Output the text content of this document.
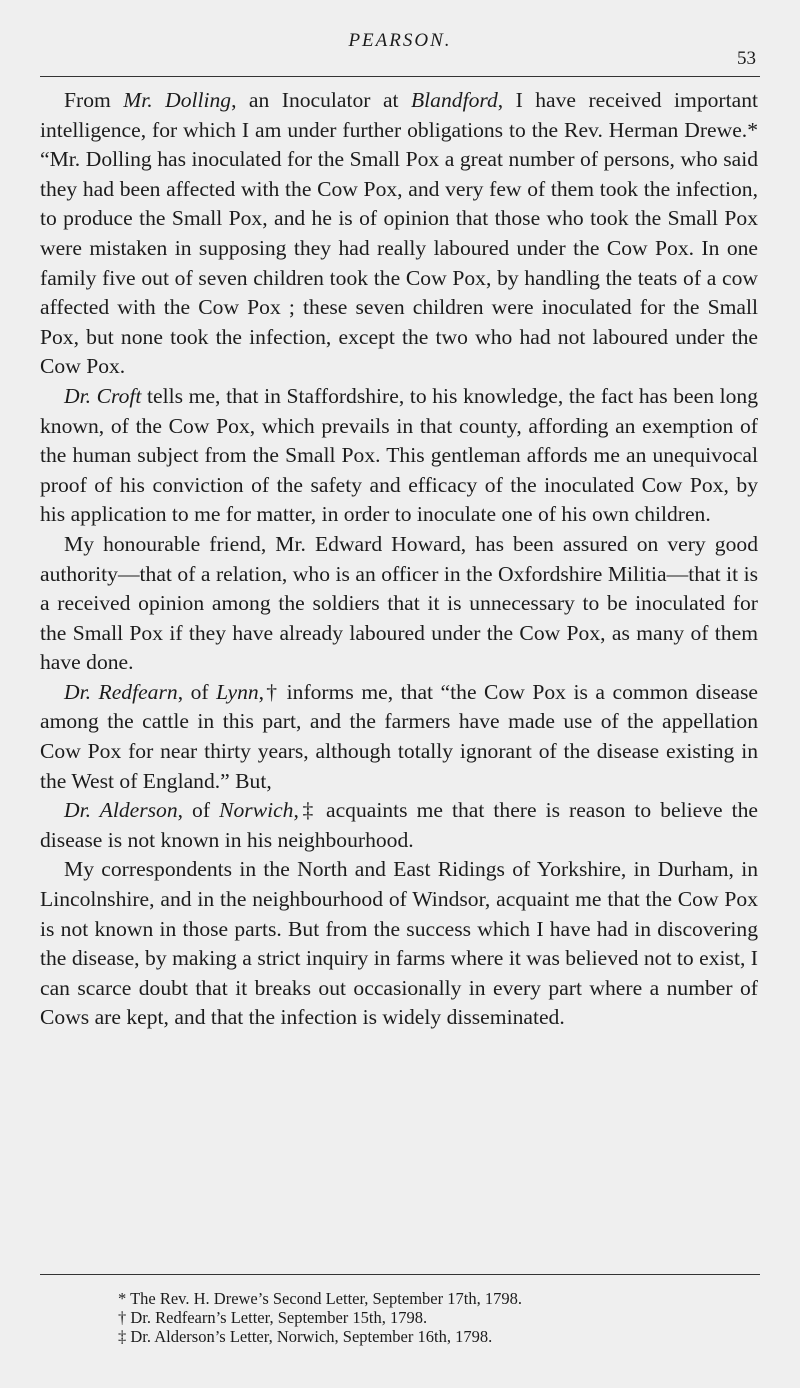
PEARSON.
53

From Mr. Dolling, an Inoculator at Blandford, I have received important intelligence, for which I am under further obligations to the Rev. Herman Drewe.* “Mr. Dolling has inoculated for the Small Pox a great number of persons, who said they had been affected with the Cow Pox, and very few of them took the infection, to produce the Small Pox, and he is of opinion that those who took the Small Pox were mistaken in supposing they had really laboured under the Cow Pox. In one family five out of seven children took the Cow Pox, by handling the teats of a cow affected with the Cow Pox ; these seven children were inoculated for the Small Pox, but none took the infection, except the two who had not laboured under the Cow Pox.

Dr. Croft tells me, that in Staffordshire, to his knowledge, the fact has been long known, of the Cow Pox, which prevails in that county, affording an exemption of the human subject from the Small Pox. This gentleman affords me an unequivocal proof of his conviction of the safety and efficacy of the inoculated Cow Pox, by his application to me for matter, in order to inoculate one of his own children.

My honourable friend, Mr. Edward Howard, has been assured on very good authority—that of a relation, who is an officer in the Oxfordshire Militia—that it is a received opinion among the soldiers that it is unnecessary to be inoculated for the Small Pox if they have already laboured under the Cow Pox, as many of them have done.

Dr. Redfearn, of Lynn,† informs me, that “the Cow Pox is a common disease among the cattle in this part, and the farmers have made use of the appellation Cow Pox for near thirty years, although totally ignorant of the disease existing in the West of England.” But,

Dr. Alderson, of Norwich,‡ acquaints me that there is reason to believe the disease is not known in his neighbourhood.

My correspondents in the North and East Ridings of Yorkshire, in Durham, in Lincolnshire, and in the neighbourhood of Windsor, acquaint me that the Cow Pox is not known in those parts. But from the success which I have had in discovering the disease, by making a strict inquiry in farms where it was believed not to exist, I can scarce doubt that it breaks out occasionally in every part where a number of Cows are kept, and that the infection is widely disseminated.

* The Rev. H. Drewe’s Second Letter, September 17th, 1798.
† Dr. Redfearn’s Letter, September 15th, 1798.
‡ Dr. Alderson’s Letter, Norwich, September 16th, 1798.
